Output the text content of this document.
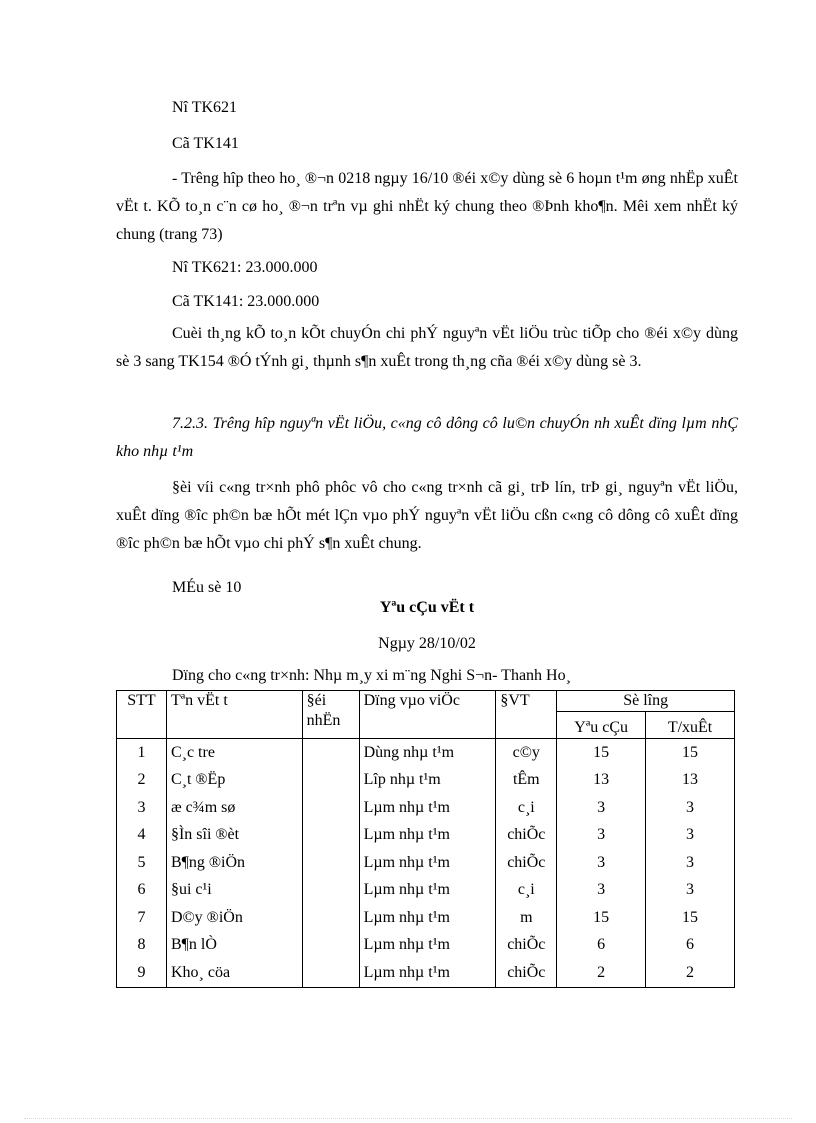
Nî TK621
Cã TK141
- Trêng hîp theo ho¸ ®¬n 0218 ngµy 16/10 ®éi x©y dùng sè 6 hoµn t¹m øng nhËp xuÊt vËt t. KÕ to¸n c¨n cø ho¸ ®¬n trªn vµ ghi nhËt ký chung theo ®Þnh kho¶n. Mêi xem nhËt ký chung (trang 73)
Nî TK621: 23.000.000
Cã TK141: 23.000.000
Cuèi th¸ng kÕ to¸n kÕt chuyÓn chi phÝ nguyªn vËt liÖu trùc tiÕp cho ®éi x©y dùng sè 3 sang TK154 ®Ó tÝnh gi¸ thµnh s¶n xuÊt trong th¸ng cña ®éi x©y dùng sè 3.
7.2.3. Trêng hîp nguyªn vËt liÖu, c«ng cô dông cô lu©n chuyÓn nh xuÊt dïng lµm nhÇ kho nhµ t¹m
§èi víi c«ng tr×nh phô phôc vô cho c«ng tr×nh cã gi¸ trÞ lín, trÞ gi¸ nguyªn vËt liÖu, xuÊt dïng ®îc ph©n bæ hÕt mét lÇn vµo phÝ nguyªn vËt liÖu cßn c«ng cô dông cô xuÊt dïng ®îc ph©n bæ hÕt vµo chi phÝ s¶n xuÊt chung.
MÉu sè 10
Yªu cÇu vËt t
Ngµy 28/10/02
Dïng cho c«ng tr×nh: Nhµ m¸y xi m¨ng Nghi S¬n- Thanh Ho¸
STT	Tªn vËt t	§éi nhËn	Dïng vµo viÖc	§VT	Sè lîng	
					Yªu cÇu	T/xuÊt
1	C¸c tre		Dùng nhµ t¹m	c©y	15	15
2	C¸t ®Ëp		Lîp nhµ t¹m	tÊm	13	13
3	æ c¾m sø		Lµm nhµ t¹m	c¸i	3	3
4	§Ìn sîi ®èt		Lµm nhµ t¹m	chiÕc	3	3
5	B¶ng ®iÖn		Lµm nhµ t¹m	chiÕc	3	3
6	§ui c¹i		Lµm nhµ t¹m	c¸i	3	3
7	D©y ®iÖn		Lµm nhµ t¹m	m	15	15
8	B¶n lÒ		Lµm nhµ t¹m	chiÕc	6	6
9	Kho¸ cöa		Lµm nhµ t¹m	chiÕc	2	2
